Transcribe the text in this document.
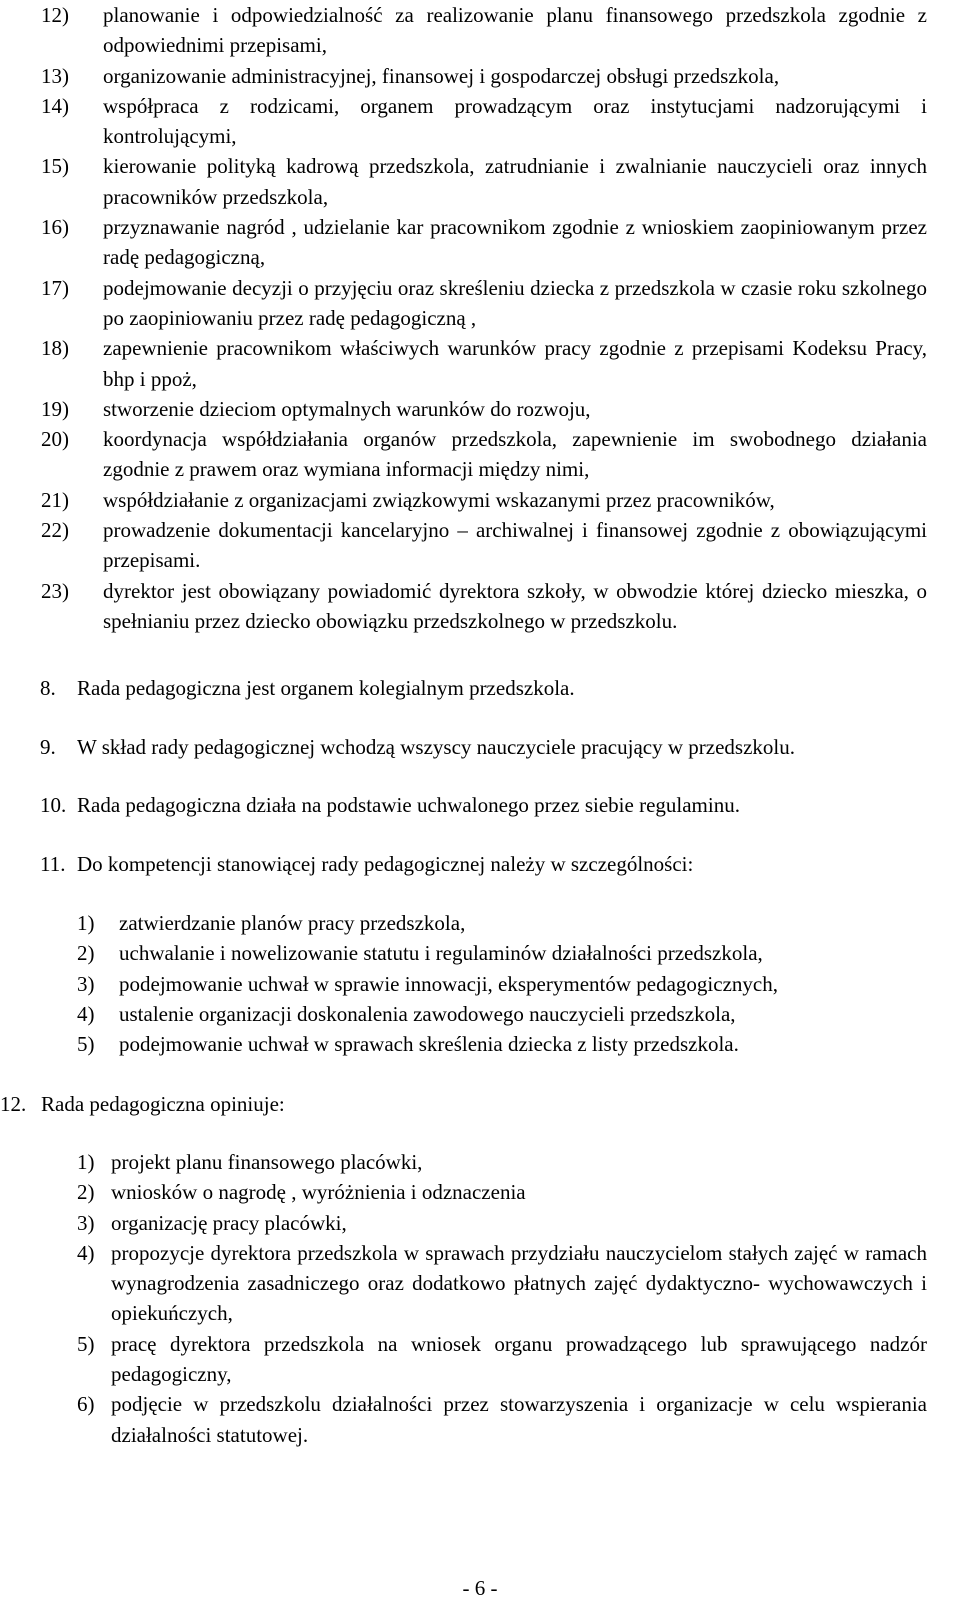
12) planowanie i odpowiedzialność za realizowanie planu finansowego przedszkola zgodnie z odpowiednimi przepisami,
13) organizowanie administracyjnej, finansowej i gospodarczej obsługi przedszkola,
14) współpraca z rodzicami, organem prowadzącym oraz instytucjami nadzorującymi i kontrolującymi,
15) kierowanie polityką kadrową przedszkola, zatrudnianie i zwalnianie nauczycieli oraz innych pracowników przedszkola,
16) przyznawanie nagród , udzielanie kar pracownikom zgodnie z wnioskiem zaopiniowanym przez radę pedagogiczną,
17) podejmowanie decyzji o przyjęciu oraz skreśleniu dziecka z przedszkola w czasie roku szkolnego po zaopiniowaniu przez radę pedagogiczną ,
18) zapewnienie pracownikom właściwych warunków pracy zgodnie z przepisami Kodeksu Pracy, bhp i ppoż,
19) stworzenie dzieciom optymalnych warunków do rozwoju,
20) koordynacja współdziałania organów przedszkola, zapewnienie im swobodnego działania zgodnie z prawem oraz wymiana informacji między nimi,
21) współdziałanie z organizacjami związkowymi wskazanymi przez pracowników,
22) prowadzenie dokumentacji kancelaryjno – archiwalnej i finansowej zgodnie z obowiązującymi przepisami.
23) dyrektor jest obowiązany powiadomić dyrektora szkoły, w obwodzie której dziecko mieszka, o spełnianiu przez dziecko obowiązku przedszkolnego w przedszkolu.
8. Rada pedagogiczna jest organem kolegialnym przedszkola.
9. W skład rady pedagogicznej wchodzą wszyscy nauczyciele pracujący w przedszkolu.
10. Rada pedagogiczna działa na podstawie uchwalonego przez siebie regulaminu.
11. Do kompetencji stanowiącej rady pedagogicznej należy w szczególności:
1) zatwierdzanie planów pracy przedszkola,
2) uchwalanie i nowelizowanie statutu i regulaminów działalności przedszkola,
3) podejmowanie uchwał w sprawie innowacji, eksperymentów pedagogicznych,
4) ustalenie organizacji doskonalenia zawodowego nauczycieli przedszkola,
5) podejmowanie uchwał w sprawach skreślenia dziecka z listy przedszkola.
12. Rada pedagogiczna opiniuje:
1) projekt planu finansowego placówki,
2) wniosków o nagrodę , wyróżnienia i odznaczenia
3) organizację pracy placówki,
4) propozycje dyrektora przedszkola w sprawach przydziału nauczycielom stałych zajęć w ramach wynagrodzenia zasadniczego oraz dodatkowo płatnych zajęć dydaktyczno- wychowawczych i opiekuńczych,
5) pracę dyrektora przedszkola na wniosek organu prowadzącego lub sprawującego nadzór pedagogiczny,
6) podjęcie w przedszkolu działalności przez stowarzyszenia i organizacje w celu wspierania działalności statutowej.
- 6 -
